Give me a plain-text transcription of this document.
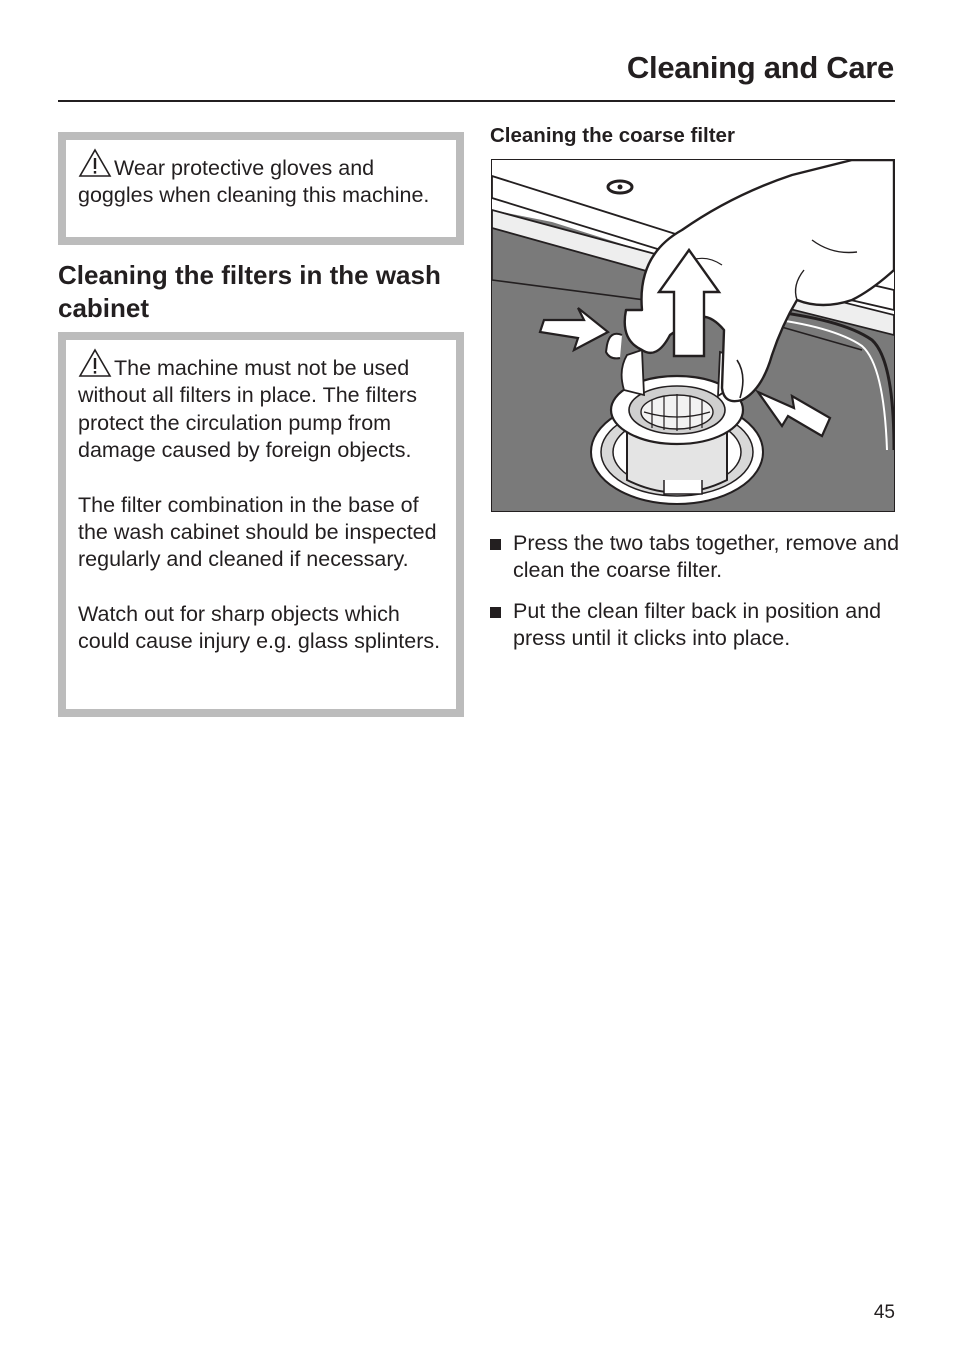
Cleaning and Care

Wear protective gloves and goggles when cleaning this machine.

Cleaning the filters in the wash cabinet

The machine must not be used without all filters in place. The filters protect the circulation pump from damage caused by foreign objects.

The filter combination in the base of the wash cabinet should be inspected regularly and cleaned if necessary.

Watch out for sharp objects which could cause injury e.g. glass splinters.

Cleaning the coarse filter
Press the two tabs together, remove and clean the coarse filter.
Put the clean filter back in position and press until it clicks into place.
45
